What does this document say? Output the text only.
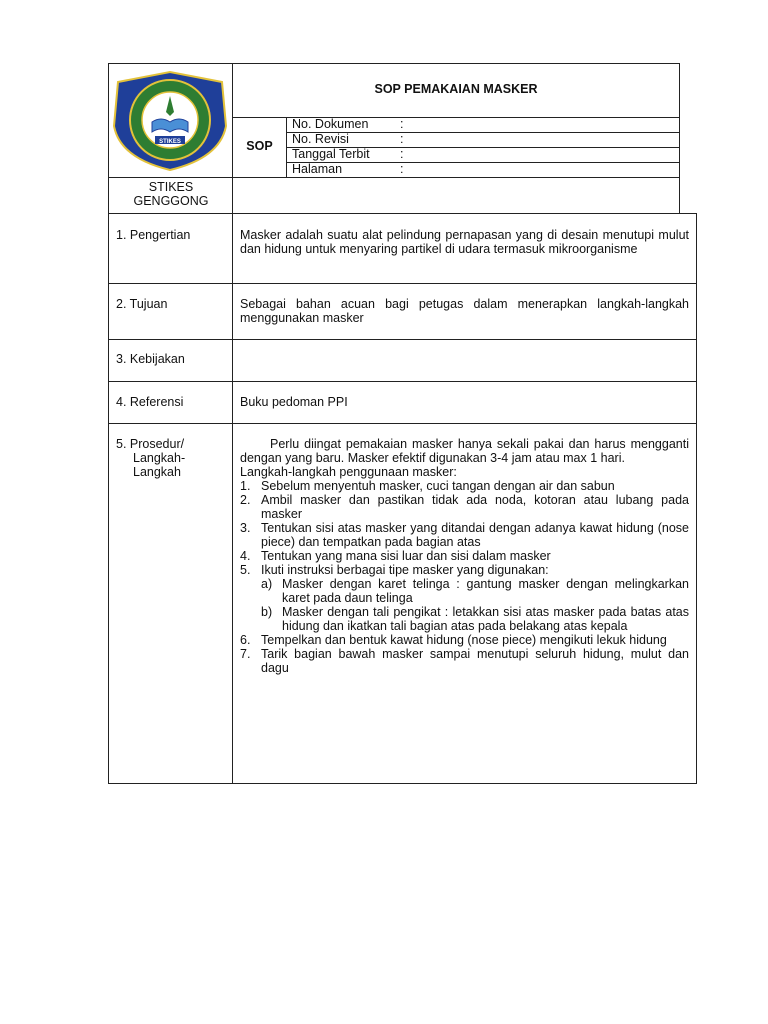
STIKES
SOP PEMAKAIAN MASKER
SOP
No. Dokumen	:
No. Revisi	:
Tanggal Terbit :
Halaman	:
STIKES
GENGGONG
1. Pengertian	Masker adalah suatu alat pelindung pernapasan yang di desain menutupi mulut dan hidung untuk menyaring partikel di udara termasuk mikroorganisme
2. Tujuan	Sebagai bahan acuan bagi petugas dalam menerapkan langkah-langkah menggunakan masker
3. Kebijakan
4. Referensi	Buku pedoman PPI
5. Prosedur/
Langkah-
Langkah

Perlu diingat pemakaian masker hanya sekali pakai dan harus mengganti dengan yang baru. Masker efektif digunakan 3-4 jam atau max 1 hari.

Langkah-langkah penggunaan masker:

1. Sebelum menyentuh masker, cuci tangan dengan air dan sabun
2. Ambil masker dan pastikan tidak ada noda, kotoran atau lubang pada masker
3. Tentukan sisi atas masker yang ditandai dengan adanya kawat hidung (nose piece) dan tempatkan pada bagian atas
4. Tentukan yang mana sisi luar dan sisi dalam masker
5. Ikuti instruksi berbagai tipe masker yang digunakan:
a) Masker dengan karet telinga : gantung masker dengan melingkarkan karet pada daun telinga
b) Masker dengan tali pengikat : letakkan sisi atas masker pada batas atas hidung dan ikatkan tali bagian atas pada belakang atas kepala
6. Tempelkan dan bentuk kawat hidung (nose piece) mengikuti lekuk hidung
7. Tarik bagian bawah masker sampai menutupi seluruh hidung, mulut dan dagu
